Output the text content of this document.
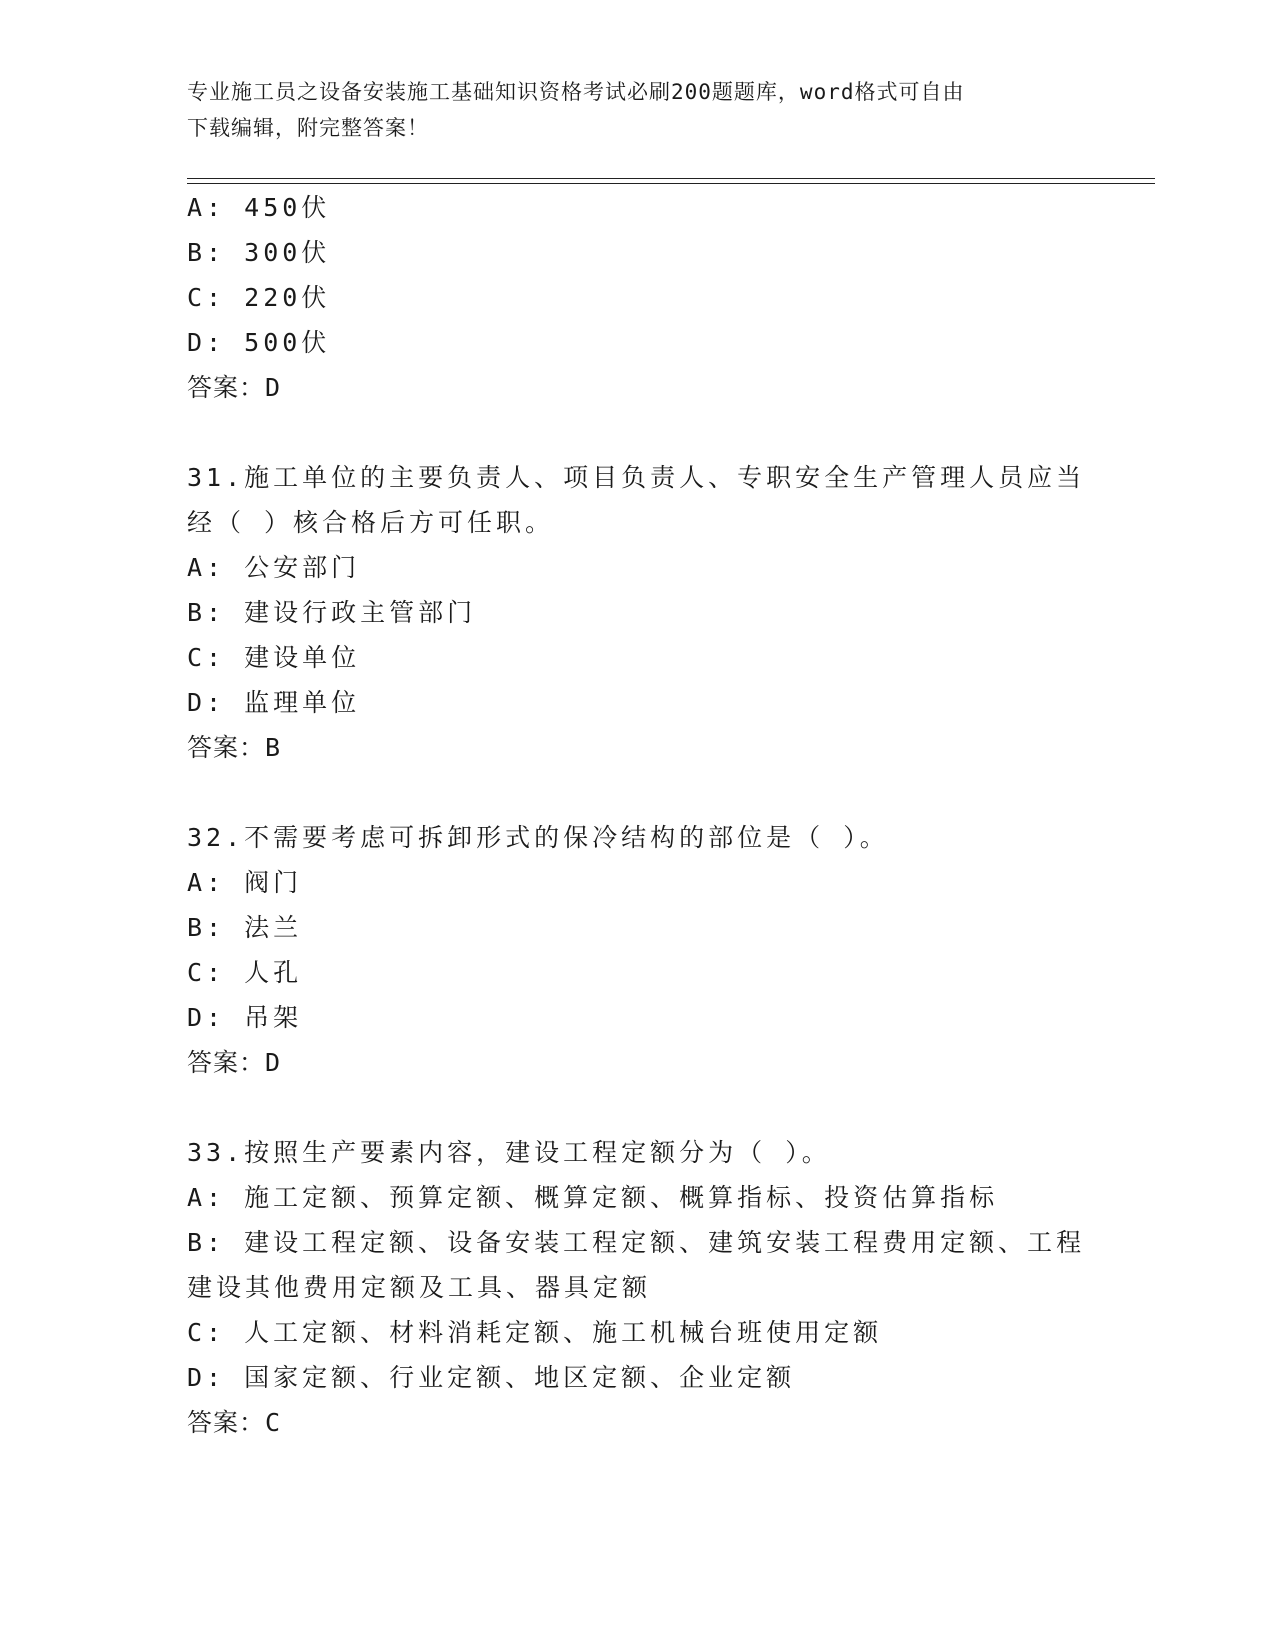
专业施工员之设备安装施工基础知识资格考试必刷200题题库，word格式可自由
下载编辑，附完整答案！
A: 450伏
B: 300伏
C: 220伏
D: 500伏
答案：D
31.施工单位的主要负责人、项目负责人、专职安全生产管理人员应当
经（ ）核合格后方可任职。
A: 公安部门
B: 建设行政主管部门
C: 建设单位
D: 监理单位
答案：B
32.不需要考虑可拆卸形式的保冷结构的部位是（ ）。
A: 阀门
B: 法兰
C: 人孔
D: 吊架
答案：D
33.按照生产要素内容，建设工程定额分为（ ）。
A: 施工定额、预算定额、概算定额、概算指标、投资估算指标
B: 建设工程定额、设备安装工程定额、建筑安装工程费用定额、工程
建设其他费用定额及工具、器具定额
C: 人工定额、材料消耗定额、施工机械台班使用定额
D: 国家定额、行业定额、地区定额、企业定额
答案：C
